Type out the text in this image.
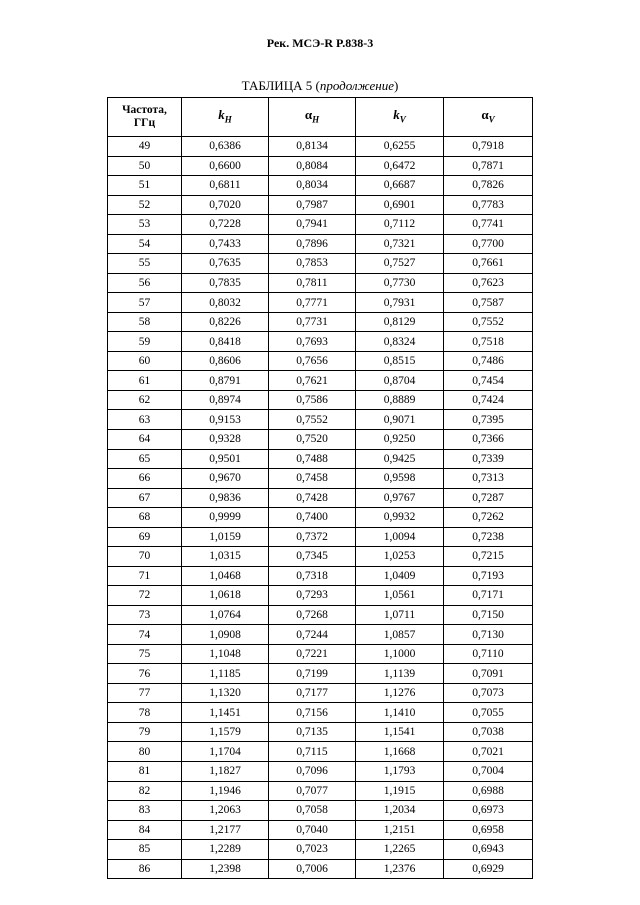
Рек. МСЭ-R P.838-3
ТАБЛИЦА 5 (продолжение)
Частота,
ГГц	$k_H$	$\alpha_H$	$k_V$	$\alpha_V$
49	0,6386	0,8134	0,6255	0,7918
50	0,6600	0,8084	0,6472	0,7871
51	0,6811	0,8034	0,6687	0,7826
52	0,7020	0,7987	0,6901	0,7783
53	0,7228	0,7941	0,7112	0,7741
54	0,7433	0,7896	0,7321	0,7700
55	0,7635	0,7853	0,7527	0,7661
56	0,7835	0,7811	0,7730	0,7623
57	0,8032	0,7771	0,7931	0,7587
58	0,8226	0,7731	0,8129	0,7552
59	0,8418	0,7693	0,8324	0,7518
60	0,8606	0,7656	0,8515	0,7486
61	0,8791	0,7621	0,8704	0,7454
62	0,8974	0,7586	0,8889	0,7424
63	0,9153	0,7552	0,9071	0,7395
64	0,9328	0,7520	0,9250	0,7366
65	0,9501	0,7488	0,9425	0,7339
66	0,9670	0,7458	0,9598	0,7313
67	0,9836	0,7428	0,9767	0,7287
68	0,9999	0,7400	0,9932	0,7262
69	1,0159	0,7372	1,0094	0,7238
70	1,0315	0,7345	1,0253	0,7215
71	1,0468	0,7318	1,0409	0,7193
72	1,0618	0,7293	1,0561	0,7171
73	1,0764	0,7268	1,0711	0,7150
74	1,0908	0,7244	1,0857	0,7130
75	1,1048	0,7221	1,1000	0,7110
76	1,1185	0,7199	1,1139	0,7091
77	1,1320	0,7177	1,1276	0,7073
78	1,1451	0,7156	1,1410	0,7055
79	1,1579	0,7135	1,1541	0,7038
80	1,1704	0,7115	1,1668	0,7021
81	1,1827	0,7096	1,1793	0,7004
82	1,1946	0,7077	1,1915	0,6988
83	1,2063	0,7058	1,2034	0,6973
84	1,2177	0,7040	1,2151	0,6958
85	1,2289	0,7023	1,2265	0,6943
86	1,2398	0,7006	1,2376	0,6929
